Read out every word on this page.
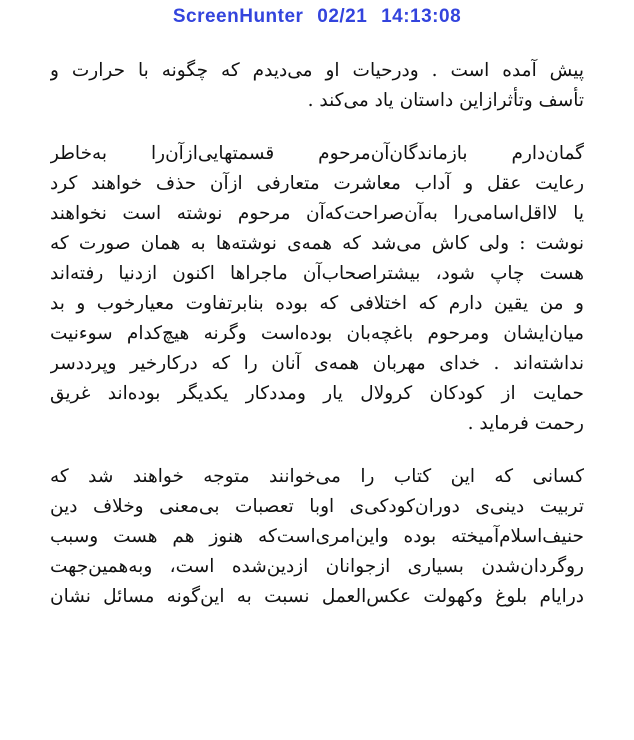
ScreenHunter 02/21 14:13:08
پیش آمده است . ودرحیات او می‌دیدم که چگونه با حرارت و
تأسف وتأثرازاین داستان یاد می‌کند .
گمان‌دارم بازماندگان‌آن‌مرحوم قسمتهایی‌ازآن‌را به‌خاطر
رعایت عقل و آداب معاشرت متعارفی ازآن حذف خواهند کرد
یا لااقل‌اسامی‌را به‌آن‌صراحت‌که‌آن مرحوم نوشته است نخواهند
نوشت : ولی کاش می‌شد که همه‌ی نوشته‌ها به همان صورت که
هست چاپ شود، بیشتراصحاب‌آن ماجراها اکنون ازدنیا رفته‌اند
و من یقین دارم که اختلافی که بوده بنابرتفاوت معیارخوب و بد
میان‌ایشان ومرحوم باغچه‌بان بوده‌است وگرنه هیچ‌کدام سوءنیت
نداشته‌اند . خدای مهربان همه‌ی آنان را که درکارخیر وپرددسر
حمایت از کودکان کرولال یار ومددکار یکدیگر بوده‌اند غریق
رحمت فرماید .
کسانی که این کتاب را می‌خوانند متوجه خواهند شد که
تربیت دینی‌ی دوران‌کودکی‌ی اوبا تعصبات بی‌معنی وخلاف دین
حنیف‌اسلام‌آمیخته بوده واین‌امری‌است‌که هنوز هم هست وسبب
روگردان‌شدن بسیاری ازجوانان ازدین‌شده است، وبه‌همین‌جهت
درایام بلوغ وکهولت عکس‌العمل نسبت به این‌گونه مسائل نشان
